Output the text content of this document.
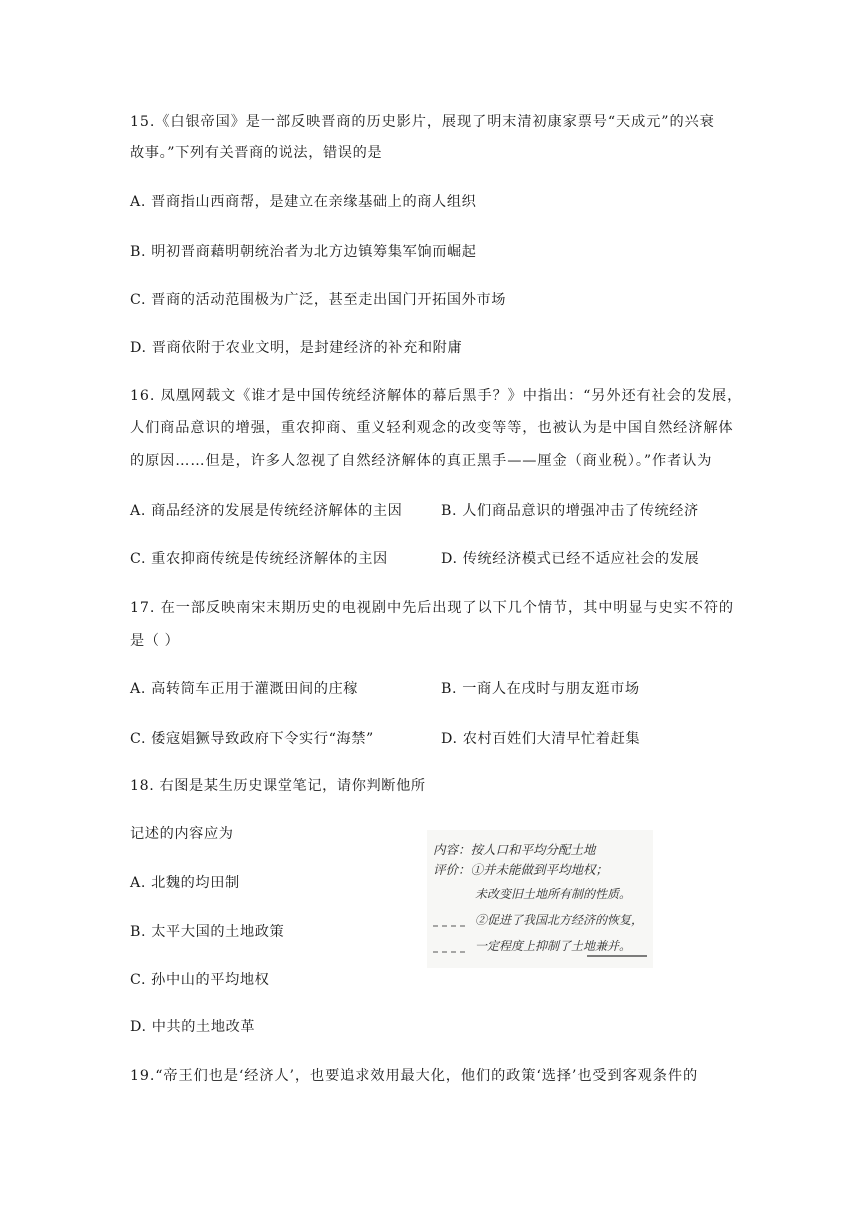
15.《白银帝国》是一部反映晋商的历史影片，展现了明末清初康家票号“天成元”的兴衰
故事。”下列有关晋商的说法，错误的是
A. 晋商指山西商帮，是建立在亲缘基础上的商人组织
B. 明初晋商藉明朝统治者为北方边镇筹集军饷而崛起
C. 晋商的活动范围极为广泛，甚至走出国门开拓国外市场
D. 晋商依附于农业文明，是封建经济的补充和附庸
16. 凤凰网载文《谁才是中国传统经济解体的幕后黑手？》中指出：“另外还有社会的发展，
人们商品意识的增强，重农抑商、重义轻利观念的改变等等，也被认为是中国自然经济解体
的原因……但是，许多人忽视了自然经济解体的真正黑手——厘金（商业税）。”作者认为
A. 商品经济的发展是传统经济解体的主因	B. 人们商品意识的增强冲击了传统经济
C. 重农抑商传统是传统经济解体的主因	D. 传统经济模式已经不适应社会的发展
17. 在一部反映南宋末期历史的电视剧中先后出现了以下几个情节，其中明显与史实不符的
是（ ）
A. 高转筒车正用于灌溉田间的庄稼	B. 一商人在戌时与朋友逛市场
C. 倭寇娼獗导致政府下令实行“海禁”	D. 农村百姓们大清早忙着赶集
18. 右图是某生历史课堂笔记，请你判断他所
记述的内容应为
A. 北魏的均田制
B. 太平大国的土地政策
C. 孙中山的平均地权
D. 中共的土地改革
内容：按人口和平均分配土地
评价：①并未能做到平均地权；
未改变旧土地所有制的性质。
②促进了我国北方经济的恢复，
一定程度上抑制了土地兼并。
19.“帝王们也是‘经济人’，也要追求效用最大化，他们的政策‘选择’也受到客观条件的
